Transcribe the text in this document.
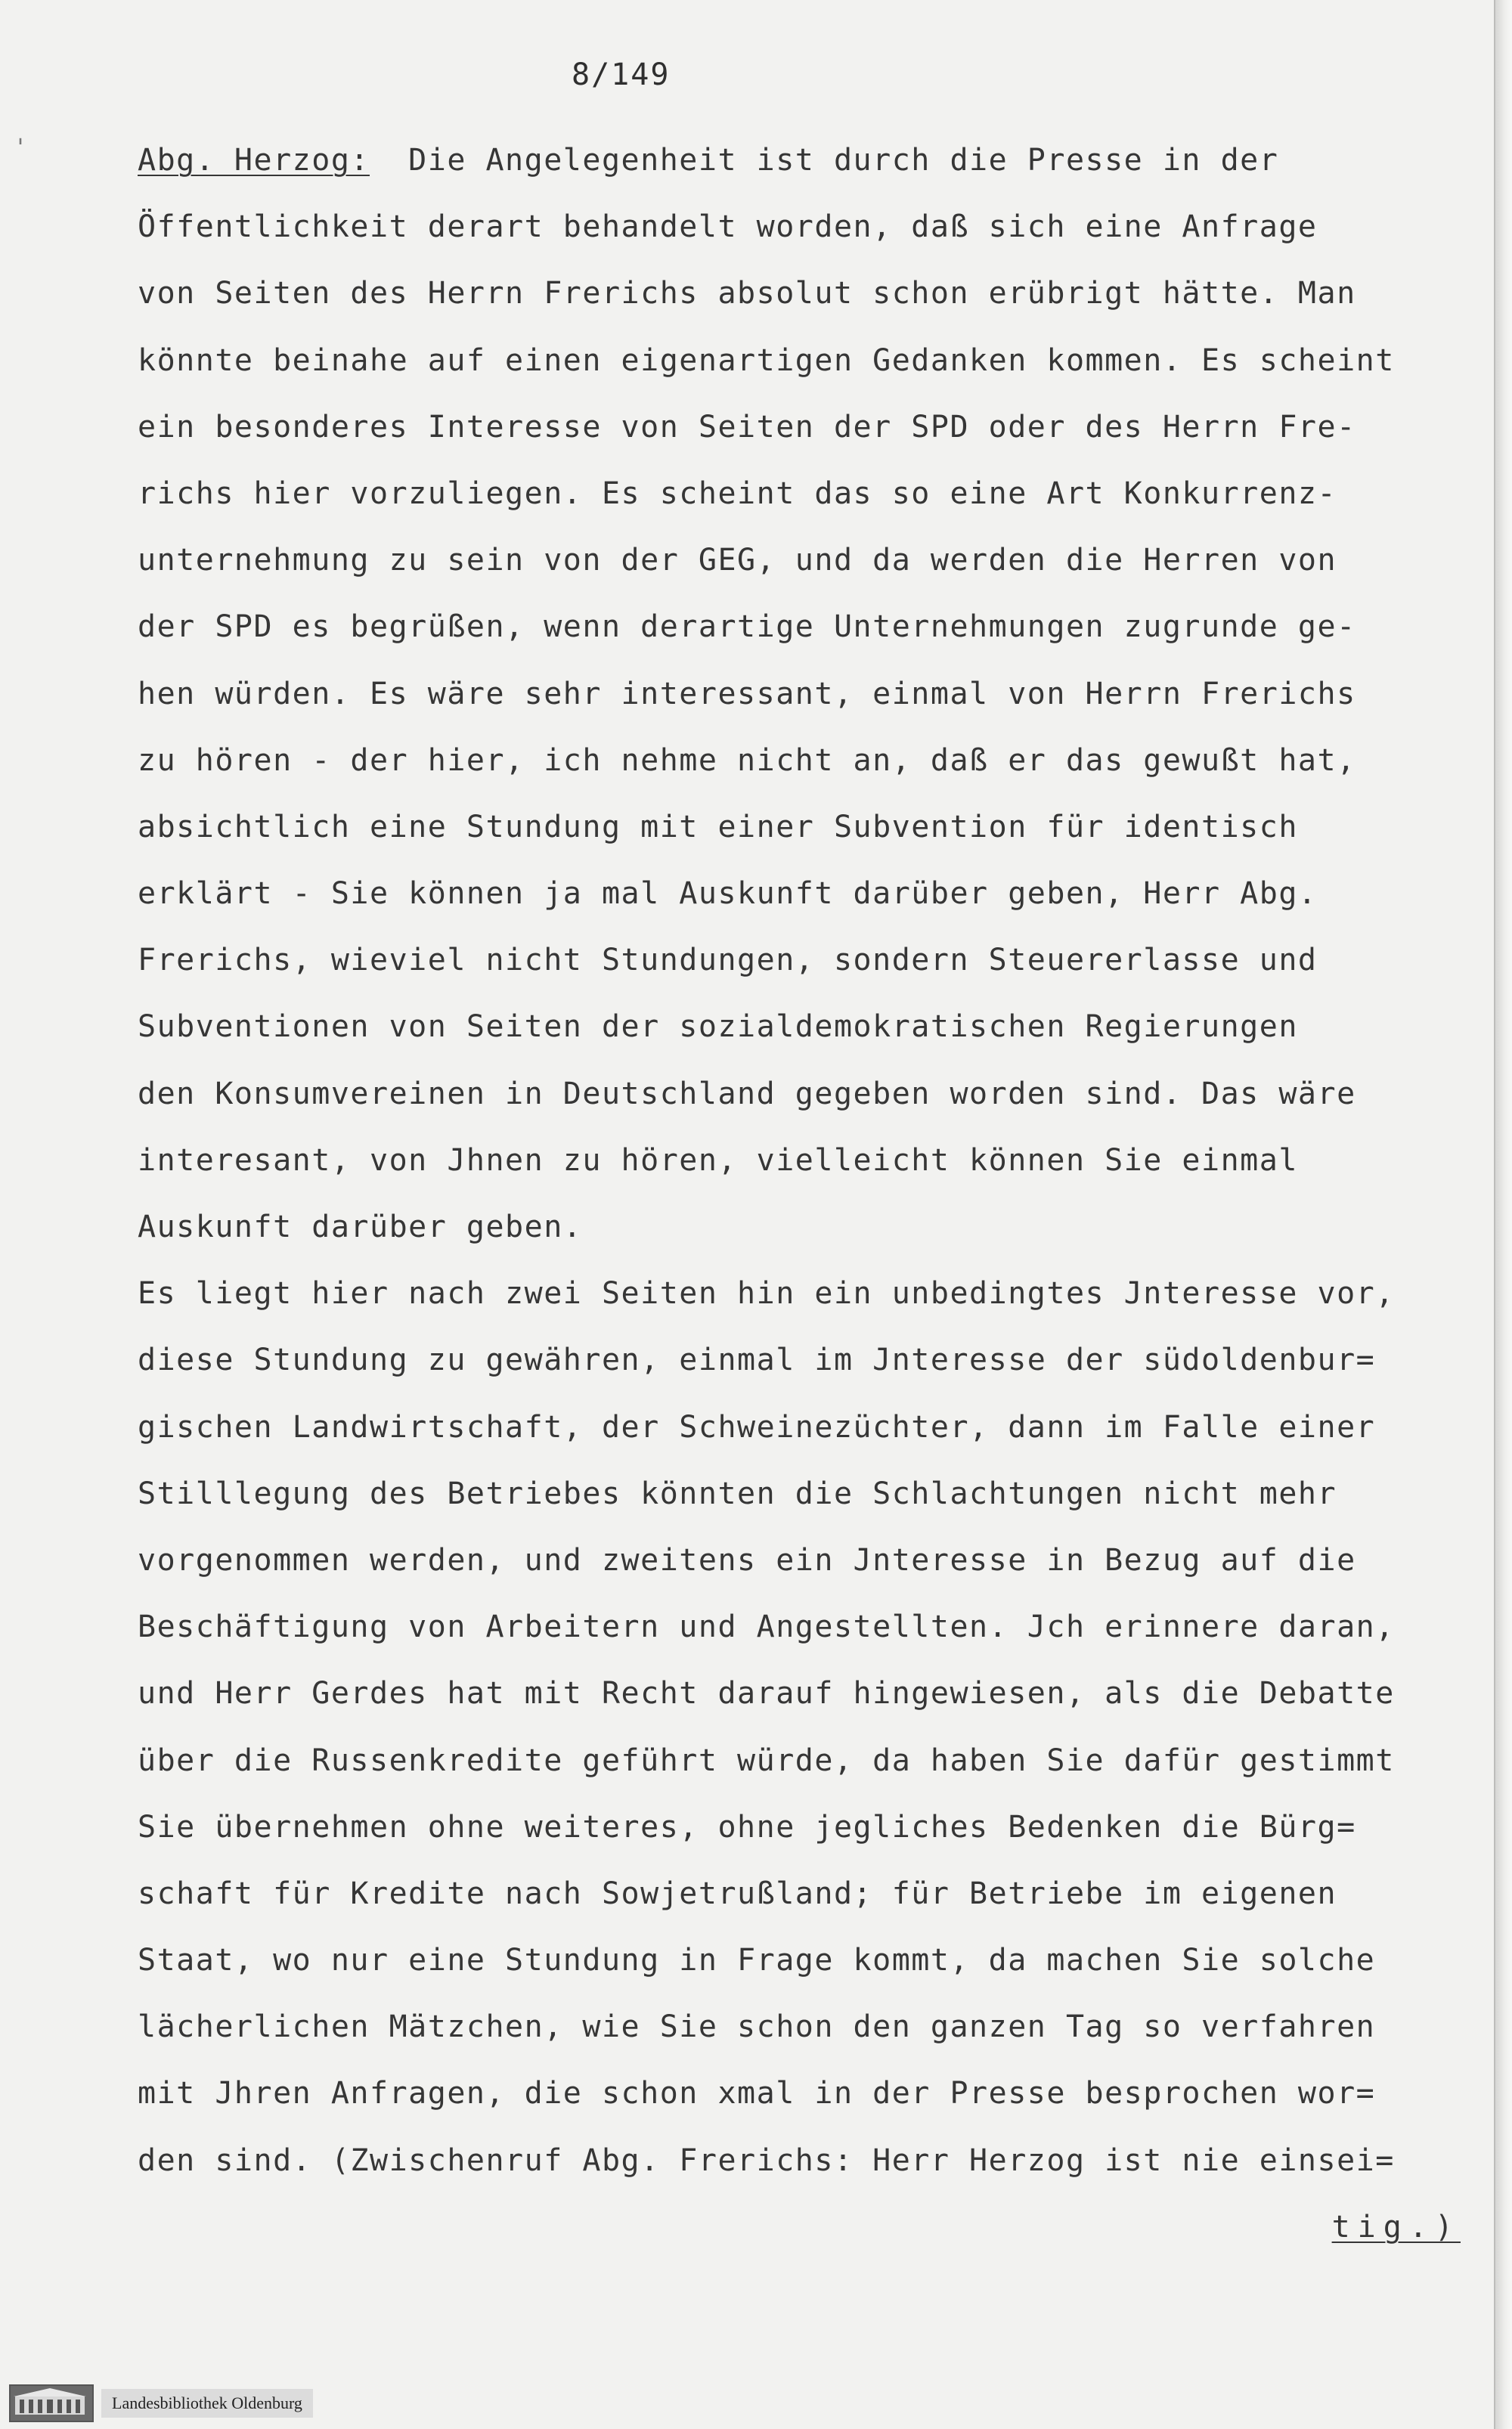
'
8/149
Abg. Herzog:  Die Angelegenheit ist durch die Presse in der
Öffentlichkeit derart behandelt worden, daß sich eine Anfrage
von Seiten des Herrn Frerichs absolut schon erübrigt hätte. Man
könnte beinahe auf einen eigenartigen Gedanken kommen. Es scheint
ein besonderes Interesse von Seiten der SPD oder des Herrn Fre-
richs hier vorzuliegen. Es scheint das so eine Art Konkurrenz-
unternehmung zu sein von der GEG, und da werden die Herren von
der SPD es begrüßen, wenn derartige Unternehmungen zugrunde ge-
hen würden. Es wäre sehr interessant, einmal von Herrn Frerichs
zu hören - der hier, ich nehme nicht an, daß er das gewußt hat,
absichtlich eine Stundung mit einer Subvention für identisch
erklärt - Sie können ja mal Auskunft darüber geben, Herr Abg.
Frerichs, wieviel nicht Stundungen, sondern Steuererlasse und
Subventionen von Seiten der sozialdemokratischen Regierungen
den Konsumvereinen in Deutschland gegeben worden sind. Das wäre
interesant, von Jhnen zu hören, vielleicht können Sie einmal
Auskunft darüber geben.
Es liegt hier nach zwei Seiten hin ein unbedingtes Jnteresse vor,
diese Stundung zu gewähren, einmal im Jnteresse der südoldenbur=
gischen Landwirtschaft, der Schweinezüchter, dann im Falle einer
Stilllegung des Betriebes könnten die Schlachtungen nicht mehr
vorgenommen werden, und zweitens ein Jnteresse in Bezug auf die
Beschäftigung von Arbeitern und Angestellten. Jch erinnere daran,
und Herr Gerdes hat mit Recht darauf hingewiesen, als die Debatte
über die Russenkredite geführt würde, da haben Sie dafür gestimmt
Sie übernehmen ohne weiteres, ohne jegliches Bedenken die Bürg=
schaft für Kredite nach Sowjetrußland; für Betriebe im eigenen
Staat, wo nur eine Stundung in Frage kommt, da machen Sie solche
lächerlichen Mätzchen, wie Sie schon den ganzen Tag so verfahren
mit Jhren Anfragen, die schon xmal in der Presse besprochen wor=
den sind. (Zwischenruf Abg. Frerichs: Herr Herzog ist nie einsei=
tig.)
Landesbibliothek Oldenburg
